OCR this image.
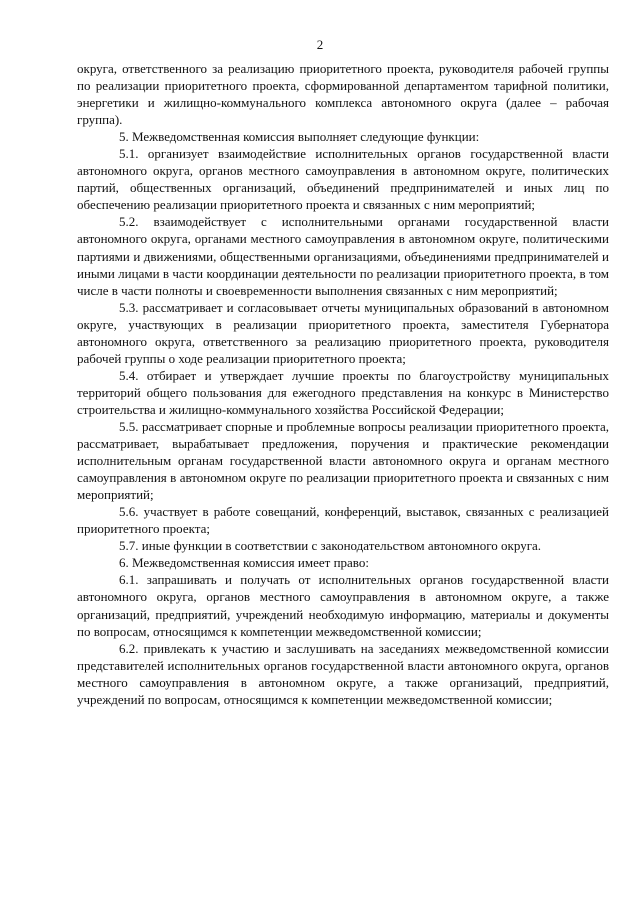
2

округа, ответственного за реализацию приоритетного проекта, руководителя рабочей группы по реализации приоритетного проекта, сформированной департаментом тарифной политики, энергетики и жилищно-коммунального комплекса автономного округа (далее – рабочая группа).

5. Межведомственная комиссия выполняет следующие функции:

5.1. организует взаимодействие исполнительных органов государственной власти автономного округа, органов местного самоуправления в автономном округе, политических партий, общественных организаций, объединений предпринимателей и иных лиц по обеспечению реализации приоритетного проекта и связанных с ним мероприятий;

5.2. взаимодействует с исполнительными органами государственной власти автономного округа, органами местного самоуправления в автономном округе, политическими партиями и движениями, общественными организациями, объединениями предпринимателей и иными лицами в части координации деятельности по реализации приоритетного проекта, в том числе в части полноты и своевременности выполнения связанных с ним мероприятий;

5.3. рассматривает и согласовывает отчеты муниципальных образований в автономном округе, участвующих в реализации приоритетного проекта, заместителя Губернатора автономного округа, ответственного за реализацию приоритетного проекта, руководителя рабочей группы о ходе реализации приоритетного проекта;

5.4. отбирает и утверждает лучшие проекты по благоустройству муниципальных территорий общего пользования для ежегодного представления на конкурс в Министерство строительства и жилищно-коммунального хозяйства Российской Федерации;

5.5. рассматривает спорные и проблемные вопросы реализации приоритетного проекта, рассматривает, вырабатывает предложения, поручения и практические рекомендации исполнительным органам государственной власти автономного округа и органам местного самоуправления в автономном округе по реализации приоритетного проекта и связанных с ним мероприятий;

5.6. участвует в работе совещаний, конференций, выставок, связанных с реализацией приоритетного проекта;

5.7. иные функции в соответствии с законодательством автономного округа.

6. Межведомственная комиссия имеет право:

6.1. запрашивать и получать от исполнительных органов государственной власти автономного округа, органов местного самоуправления в автономном округе, а также организаций, предприятий, учреждений необходимую информацию, материалы и документы по вопросам, относящимся к компетенции межведомственной комиссии;

6.2. привлекать к участию и заслушивать на заседаниях межведомственной комиссии представителей исполнительных органов государственной власти автономного округа, органов местного самоуправления в автономном округе, а также организаций, предприятий, учреждений по вопросам, относящимся к компетенции межведомственной комиссии;
